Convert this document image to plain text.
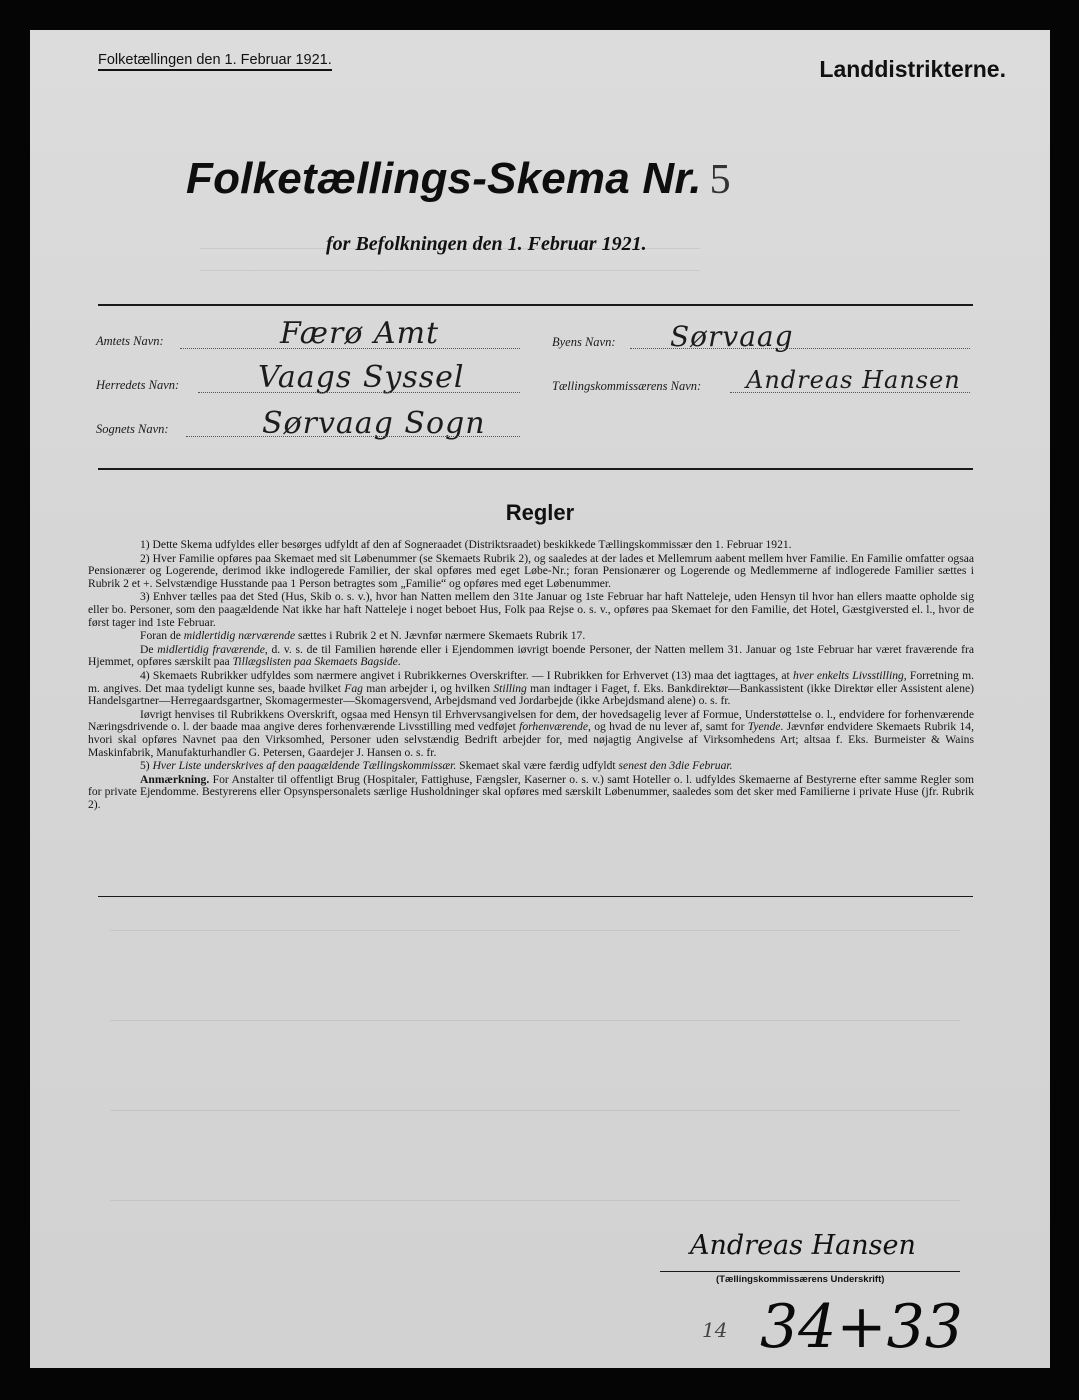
Folketællingen den 1. Februar 1921.	Landdistrikterne.
Folketællings-Skema Nr. 5
for Befolkningen den 1. Februar 1921.
Amtets Navn:	Færø Amt
Herredets Navn:	Vaags Syssel
Sognets Navn:	Sørvaag Sogn
Byens Navn: Sørvaag
Tællingskommissærens Navn: Andreas Hansen
Regler

1) Dette Skema udfyldes eller besørges udfyldt af den af Sogneraadet (Distriktsraadet) beskikkede Tællingskommissær den 1. Februar 1921.

2) Hver Familie opføres paa Skemaet med sit Løbenummer (se Skemaets Rubrik 2), og saaledes at der lades et Mellemrum aabent mellem hver Familie. En Familie omfatter ogsaa Pensionærer og Logerende, derimod ikke indlogerede Familier, der skal opføres med eget Løbe-Nr.; foran Pensionærer og Logerende og Medlemmerne af indlogerede Familier sættes i Rubrik 2 et +. Selvstændige Husstande paa 1 Person betragtes som „Familie“ og opføres med eget Løbenummer.

3) Enhver tælles paa det Sted (Hus, Skib o. s. v.), hvor han Natten mellem den 31te Januar og 1ste Februar har haft Natteleje, uden Hensyn til hvor han ellers maatte opholde sig eller bo. Personer, som den paagældende Nat ikke har haft Natteleje i noget beboet Hus, Folk paa Rejse o. s. v., opføres paa Skemaet for den Familie, det Hotel, Gæstgiversted el. l., hvor de først tager ind 1ste Februar.

Foran de midlertidig nærværende sættes i Rubrik 2 et N. Jævnfør nærmere Skemaets Rubrik 17.

De midlertidig fraværende, d. v. s. de til Familien hørende eller i Ejendommen iøvrigt boende Personer, der Natten mellem 31. Januar og 1ste Februar har været fraværende fra Hjemmet, opføres særskilt paa Tillægslisten paa Skemaets Bagside.

4) Skemaets Rubrikker udfyldes som nærmere angivet i Rubrikkernes Overskrifter. — I Rubrikken for Erhvervet (13) maa det iagttages, at hver enkelts Livsstilling, Forretning m. m. angives. Det maa tydeligt kunne ses, baade hvilket Fag man arbejder i, og hvilken Stilling man indtager i Faget, f. Eks. Bankdirektør—Bankassistent (ikke Direktør eller Assistent alene) Handelsgartner—Herregaardsgartner, Skomagermester—Skomagersvend, Arbejdsmand ved Jordarbejde (ikke Arbejdsmand alene) o. s. fr.

Iøvrigt henvises til Rubrikkens Overskrift, ogsaa med Hensyn til Erhvervsangivelsen for dem, der hovedsagelig lever af Formue, Understøttelse o. l., endvidere for forhenværende Næringsdrivende o. l. der baade maa angive deres forhenværende Livsstilling med vedføjet forhenværende, og hvad de nu lever af, samt for Tyende. Jævnfør endvidere Skemaets Rubrik 14, hvori skal opføres Navnet paa den Virksomhed, Personer uden selvstændig Bedrift arbejder for, med nøjagtig Angivelse af Virksomhedens Art; altsaa f. Eks. Burmeister & Wains Maskinfabrik, Manufakturhandler G. Petersen, Gaardejer J. Hansen o. s. fr.

5) Hver Liste underskrives af den paagældende Tællingskommissær. Skemaet skal være færdig udfyldt senest den 3die Februar.

Anmærkning. For Anstalter til offentligt Brug (Hospitaler, Fattighuse, Fængsler, Kaserner o. s. v.) samt Hoteller o. l. udfyldes Skemaerne af Bestyrerne efter samme Regler som for private Ejendomme. Bestyrerens eller Opsynspersonalets særlige Husholdninger skal opføres med særskilt Løbenummer, saaledes som det sker med Familierne i private Huse (jfr. Rubrik 2).

Andreas Hansen
(Tællingskommissærens Underskrift)
14 34+33
